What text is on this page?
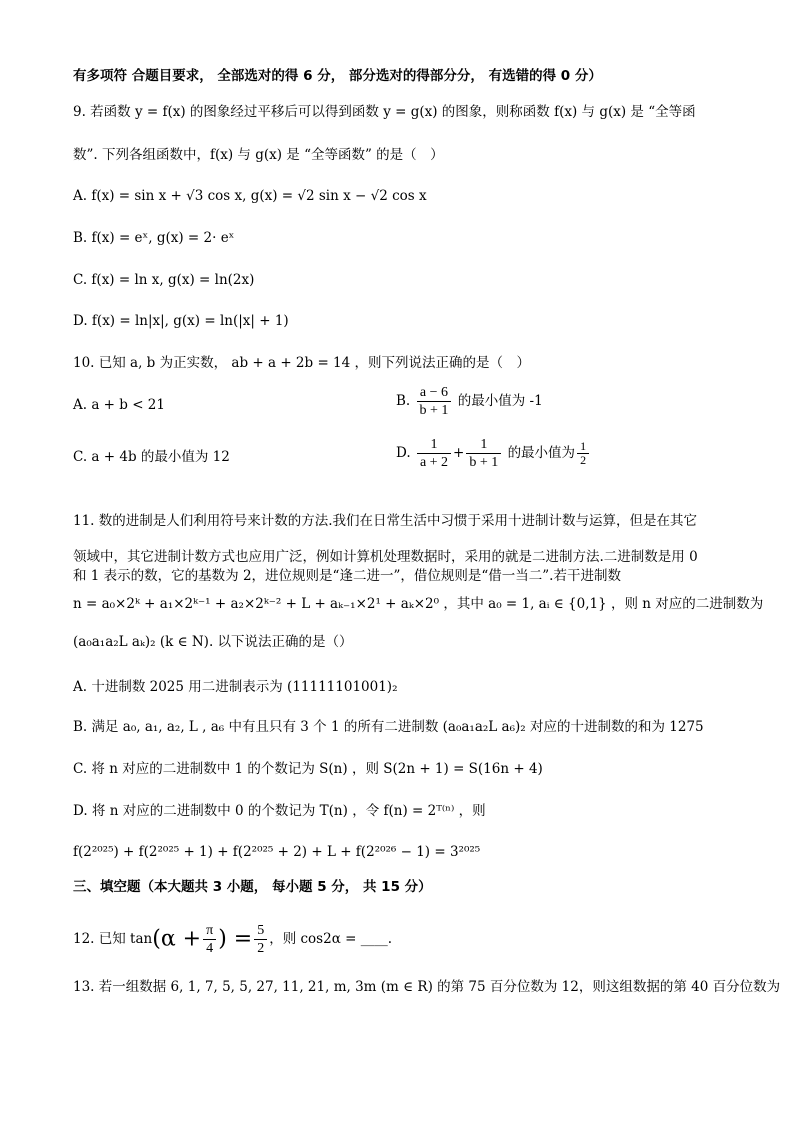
有多项符 合题目要求， 全部选对的得 6 分， 部分选对的得部分分， 有选错的得 0 分）
9. 若函数 y = f(x) 的图象经过平移后可以得到函数 y = g(x) 的图象，则称函数 f(x) 与 g(x) 是 “全等函
数”. 下列各组函数中，f(x) 与 g(x) 是 “全等函数” 的是（　）
A. f(x) = sin x + √3 cos x, g(x) = √2 sin x − √2 cos x
B. f(x) = eˣ, g(x) = 2· eˣ
C. f(x) = ln x, g(x) = ln(2x)
D. f(x) = ln|x|, g(x) = ln(|x| + 1)
10. 已知 a, b 为正实数， ab + a + 2b = 14 ，则下列说法正确的是（　）
A. a + b < 21	B. $\frac{a - 6}{b + 1}$ 的最小值为 -1
C. a + 4b 的最小值为 12	D. $\frac{1}{a + 2} + \frac{1}{b + 1}$ 的最小值为 $\frac{1}{2}$
11. 数的进制是人们利用符号来计数的方法.我们在日常生活中习惯于采用十进制计数与运算，但是在其它
领域中，其它进制计数方式也应用广泛，例如计算机处理数据时，采用的就是二进制方法.二进制数是用 0
和 1 表示的数，它的基数为 2，进位规则是“逢二进一”，借位规则是“借一当二”.若干进制数
n = a₀×2ᵏ + a₁×2ᵏ⁻¹ + a₂×2ᵏ⁻² + L + aₖ₋₁×2¹ + aₖ×2⁰ ，其中 a₀ = 1, aᵢ ∈ {0,1} ，则 n 对应的二进制数为
(a₀a₁a₂L aₖ)₂ (k ∈ N). 以下说法正确的是（）
A. 十进制数 2025 用二进制表示为 (11111101001)₂
B. 满足 a₀, a₁, a₂, L , a₆ 中有且只有 3 个 1 的所有二进制数 (a₀a₁a₂L a₆)₂ 对应的十进制数的和为 1275
C. 将 n 对应的二进制数中 1 的个数记为 S(n) ，则 S(2n + 1) = S(16n + 4)
D. 将 n 对应的二进制数中 0 的个数记为 T(n) ，令 f(n) = 2ᵀ⁽ⁿ⁾ ，则
f(2²⁰²⁵) + f(2²⁰²⁵ + 1) + f(2²⁰²⁵ + 2) + L + f(2²⁰²⁶ − 1) = 3²⁰²⁵
三、填空题（本大题共 3 小题， 每小题 5 分， 共 15 分）
12. 已知 $\tan(\alpha + \frac{\pi}{4}$ ) = $\frac{5}{2}$ ，则 cos2α = ____.
13. 若一组数据 6, 1, 7, 5, 5, 27, 11, 21, m, 3m (m ∈ R) 的第 75 百分位数为 12，则这组数据的第 40 百分位数为
